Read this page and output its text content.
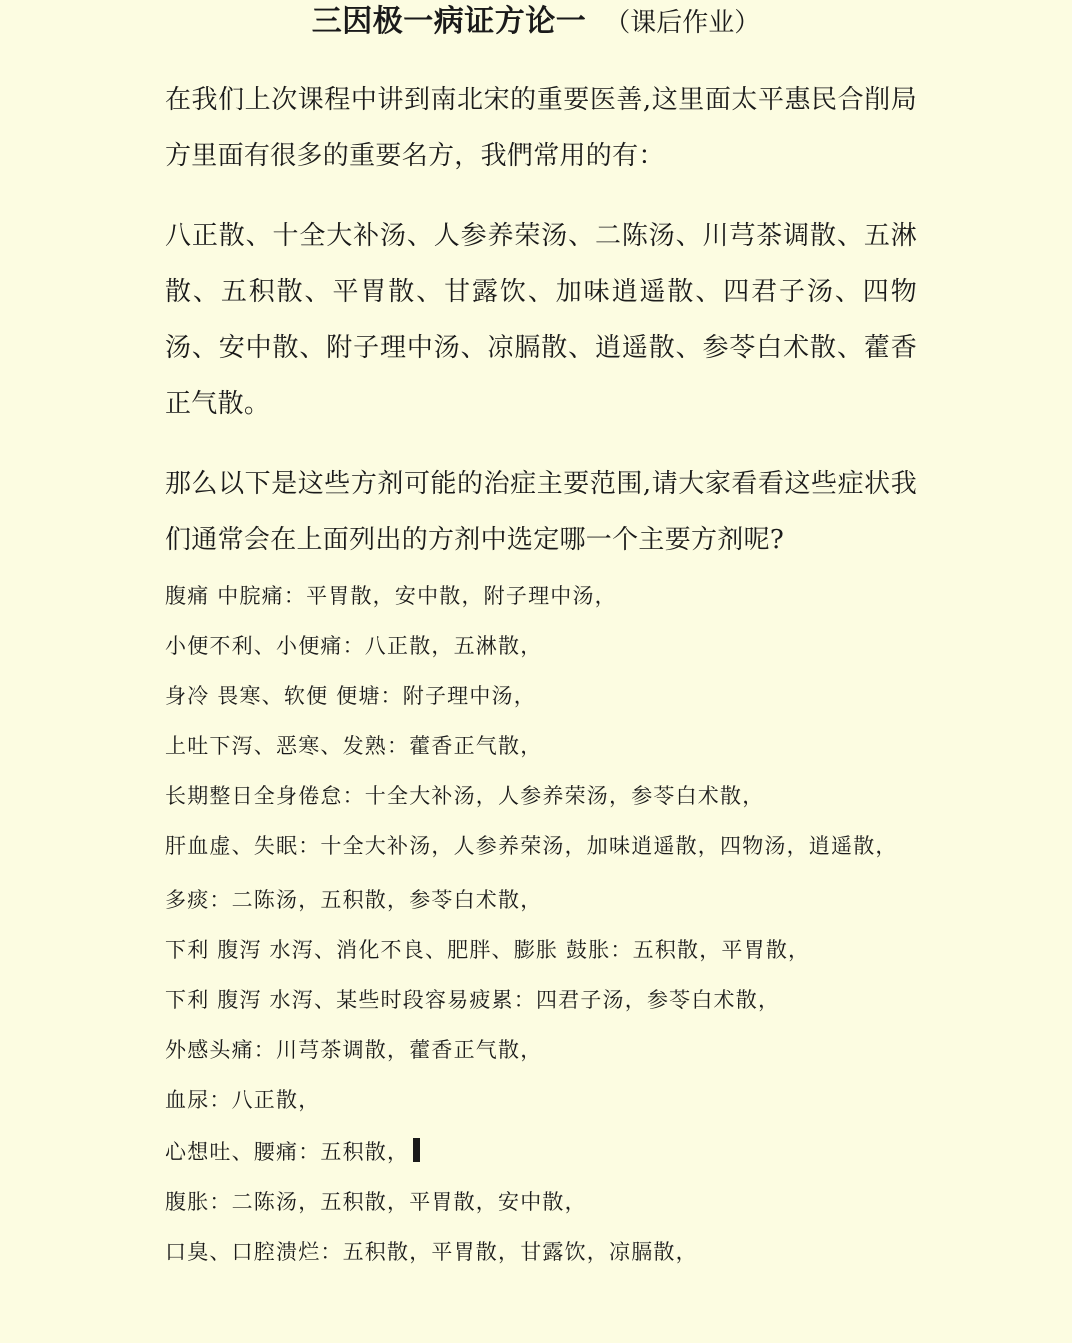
三因极一病证方论一 （课后作业）

在我们上次课程中讲到南北宋的重要医善,这里面太平惠民合削局方里面有很多的重要名方，我們常用的有：

八正散、十全大补汤、人参养荣汤、二陈汤、川芎茶调散、五淋散、五积散、平胃散、甘露饮、加味逍遥散、四君子汤、四物汤、安中散、附子理中汤、凉膈散、逍遥散、参苓白术散、藿香正气散。

那么以下是这些方剂可能的治症主要范围,请大家看看这些症状我们通常会在上面列出的方剂中选定哪一个主要方剂呢?

腹痛 中脘痛：平胃散，安中散，附子理中汤，
小便不利、小便痛：八正散，五淋散，
身冷 畏寒、软便 便塘：附子理中汤，
上吐下泻、恶寒、发熟：藿香正气散，
长期整日全身倦怠：十全大补汤，人参养荣汤，参苓白术散，
肝血虚、失眠：十全大补汤，人参养荣汤，加味逍遥散，四物汤，逍遥散，
多痰：二陈汤，五积散，参苓白术散，
下利 腹泻 水泻、消化不良、肥胖、膨胀 鼓胀：五积散，平胃散，
下利 腹泻 水泻、某些时段容易疲累：四君子汤，参苓白术散，
外感头痛：川芎茶调散，藿香正气散，
血尿：八正散，
心想吐、腰痛：五积散，
腹胀：二陈汤，五积散，平胃散，安中散，
口臭、口腔溃烂：五积散，平胃散，甘露饮，凉膈散，
